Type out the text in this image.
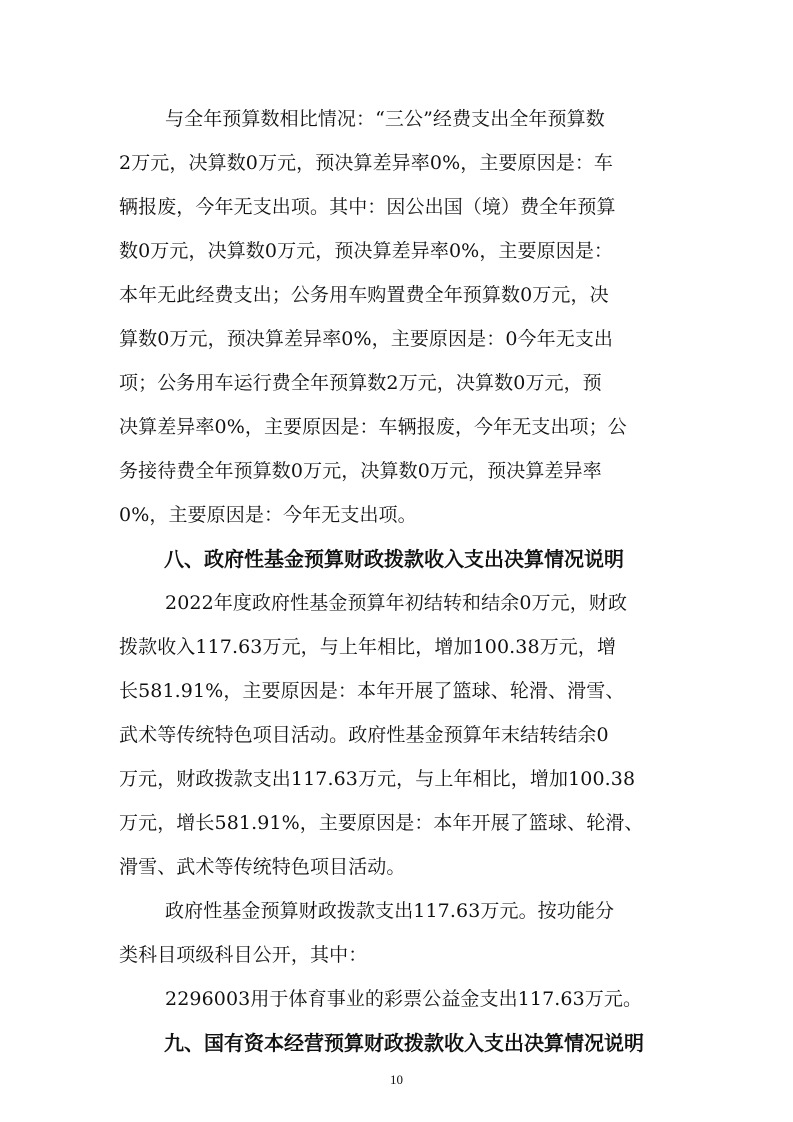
与全年预算数相比情况：“三公”经费支出全年预算数
2万元，决算数0万元，预决算差异率0%，主要原因是：车
辆报废，今年无支出项。其中：因公出国（境）费全年预算
数0万元，决算数0万元，预决算差异率0%，主要原因是：
本年无此经费支出；公务用车购置费全年预算数0万元，决
算数0万元，预决算差异率0%，主要原因是：0今年无支出
项；公务用车运行费全年预算数2万元，决算数0万元，预
决算差异率0%，主要原因是：车辆报废，今年无支出项；公
务接待费全年预算数0万元，决算数0万元，预决算差异率
0%，主要原因是：今年无支出项。
八、政府性基金预算财政拨款收入支出决算情况说明
2022年度政府性基金预算年初结转和结余0万元，财政
拨款收入117.63万元，与上年相比，增加100.38万元，增
长581.91%，主要原因是：本年开展了篮球、轮滑、滑雪、
武术等传统特色项目活动。政府性基金预算年末结转结余0
万元，财政拨款支出117.63万元，与上年相比，增加100.38
万元，增长581.91%，主要原因是：本年开展了篮球、轮滑、
滑雪、武术等传统特色项目活动。
政府性基金预算财政拨款支出117.63万元。按功能分
类科目项级科目公开，其中：
2296003用于体育事业的彩票公益金支出117.63万元。
九、国有资本经营预算财政拨款收入支出决算情况说明
10
